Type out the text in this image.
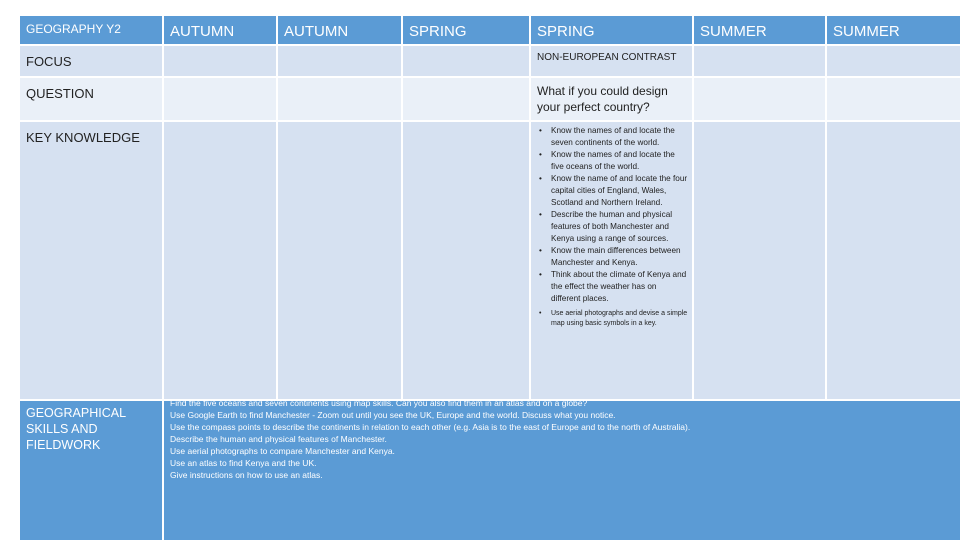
GEOGRAPHY Y2	AUTUMN	AUTUMN	SPRING	SPRING	SUMMER	SUMMER
FOCUS	NON-EUROPEAN CONTRAST
QUESTION	What if you could design your perfect country?
KEY KNOWLEDGE
•	Know the names of and locate the seven continents of the world.
• Know the names of and locate the five oceans of the world.
• Know the name of and locate the four capital cities of England, Wales, Scotland and Northern Ireland.
• Describe the human and physical features of both Manchester and Kenya using a range of sources.
• Know the main differences between Manchester and Kenya.
• Think about the climate of Kenya and the effect the weather has on different places.
• Use aerial photographs and devise a simple map using basic symbols in a key.
GEOGRAPHICAL SKILLS AND FIELDWORK
Find the five oceans and seven continents using map skills. Can you also find them in an atlas and on a globe?
Use Google Earth to find Manchester - Zoom out until you see the UK, Europe and the world. Discuss what you notice.
Use the compass points to describe the continents in relation to each other (e.g. Asia is to the east of Europe and to the north of Australia).
Describe the human and physical features of Manchester.
Use aerial photographs to compare Manchester and Kenya.
Use an atlas to find Kenya and the UK.
Give instructions on how to use an atlas.
